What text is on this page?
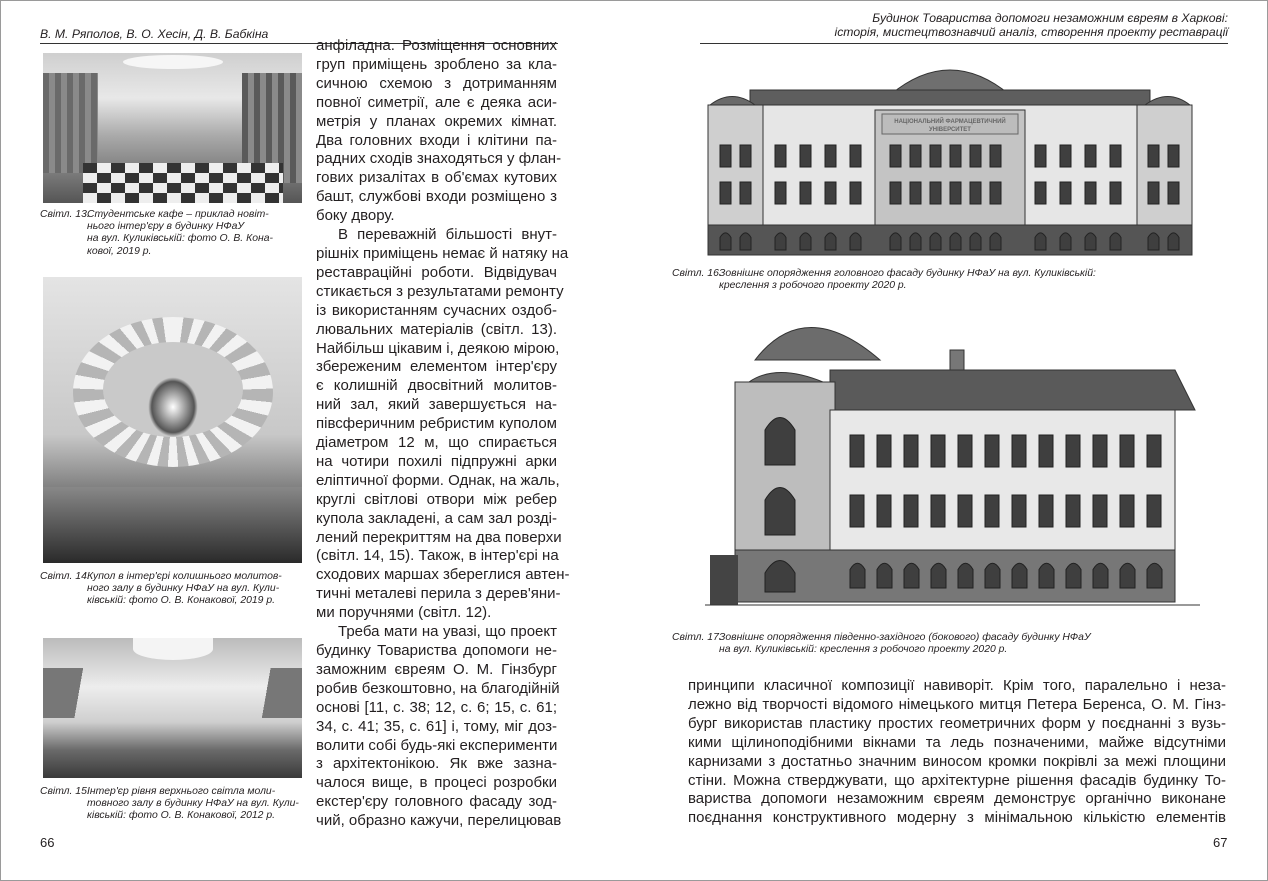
В. М. Ряполов, В. О. Хесін, Д. В. Бабкіна
Світл. 13.
Студентське кафе – приклад новіт-
нього інтер'єру в будинку НФаУ
на вул. Куликівській: фото О. В. Кона-
кової, 2019 р.
Світл. 14.
Купол в інтер'єрі колишнього молитов-
ного залу в будинку НФаУ на вул. Кули-
ківській: фото О. В. Конакової, 2019 р.
Світл. 15.
Інтер'єр рівня верхнього світла моли-
товного залу в будинку НФаУ на вул. Кули-
ківській: фото О. В. Конакової, 2012 р.
анфіладна. Розміщення основних
груп приміщень зроблено за кла-
сичною схемою з дотриманням
повної симетрії, але є деяка аси-
метрія у планах окремих кімнат.
Два головних входи і клітини па-
радних сходів знаходяться у флан-
гових ризалітах в об'ємах кутових
башт, службові входи розміщено з
боку двору.
В переважній більшості внут-
рішніх приміщень немає й натяку на
реставраційні роботи. Відвідувач
стикається з результатами ремонту
із використанням сучасних оздоб-
лювальних матеріалів (світл. 13).
Найбільш цікавим і, деякою мірою,
збереженим елементом інтер'єру
є колишній двосвітний молитов-
ний зал, який завершується на-
півсферичним ребристим куполом
діаметром 12 м, що спирається
на чотири похилі підпружні арки
еліптичної форми. Однак, на жаль,
круглі світлові отвори між ребер
купола закладені, а сам зал розді-
лений перекриттям на два поверхи
(світл. 14, 15). Також, в інтер'єрі на
сходових маршах збереглися автен-
тичні металеві перила з дерев'яни-
ми поручнями (світл. 12).
Треба мати на увазі, що проект
будинку Товариства допомоги не-
заможним євреям О. М. Гінзбург
робив безкоштовно, на благодійній
основі [11, с. 38; 12, с. 6; 15, с. 61;
34, с. 41; 35, с. 61] і, тому, міг доз-
волити собі будь-які експерименти
з архітектонікою. Як вже зазна-
чалося вище, в процесі розробки
екстер'єру головного фасаду зод-
чий, образно кажучи, перелицював
66
Будинок Товариства допомоги незаможним євреям в Харкові:
історія, мистецтвознавчий аналіз, створення проекту реставрації
НАЦІОНАЛЬНИЙ ФАРМАЦЕВТИЧНИЙ
УНІВЕРСИТЕТ
Світл. 16.
Зовнішнє опорядження головного фасаду будинку НФаУ на вул. Куликівській:
креслення з робочого проекту 2020 р.
Світл. 17.
Зовнішнє опорядження південно-західного (бокового) фасаду будинку НФаУ
на вул. Куликівській: креслення з робочого проекту 2020 р.
принципи класичної композиції навиворіт. Крім того, паралельно і неза-
лежно від творчості відомого німецького митця Петера Беренса, О. М. Гінз-
бург використав пластику простих геометричних форм у поєднанні з вузь-
кими щілиноподібними вікнами та ледь позначеними, майже відсутніми
карнизами з достатньо значним виносом кромки покрівлі за межі площини
стіни. Можна стверджувати, що архітектурне рішення фасадів будинку То-
вариства допомоги незаможним євреям демонструє органічно виконане
поєднання конструктивного модерну з мінімальною кількістю елементів
67
